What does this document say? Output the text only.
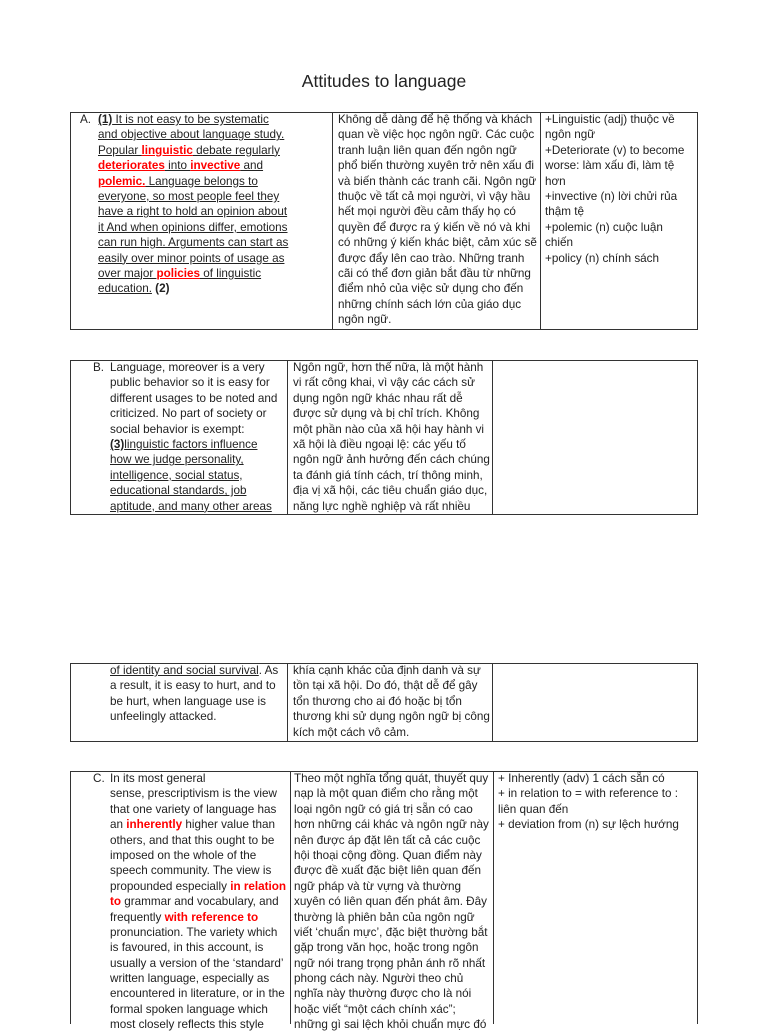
Attitudes to language
A. (1) It is not easy to be systematic
and objective about language study.
Popular linguistic debate regularly
deteriorates into invective and
polemic. Language belongs to
everyone, so most people feel they
have a right to hold an opinion about
it And when opinions differ, emotions
can run high. Arguments can start as
easily over minor points of usage as
over major policies of linguistic
education. (2)
Không dễ dàng để hệ thống và khách
quan về việc học ngôn ngữ. Các cuộc
tranh luận liên quan đến ngôn ngữ
phổ biến thường xuyên trở nên xấu đi
và biến thành các tranh cãi. Ngôn ngữ
thuộc về tất cả mọi người, vì vậy hầu
hết mọi người đều cảm thấy họ có
quyền để được ra ý kiến về nó và khi
có những ý kiến khác biệt, cảm xúc sẽ
được đẩy lên cao trào. Những tranh
cãi có thể đơn giản bắt đầu từ những
điểm nhỏ của việc sử dụng cho đến
những chính sách lớn của giáo dục
ngôn ngữ.
+Linguistic (adj) thuộc về
ngôn ngữ
+Deteriorate (v) to become
worse: làm xấu đi, làm tệ
hơn
+invective (n) lời chửi rủa
thậm tệ
+polemic (n) cuộc luận
chiến
+policy (n) chính sách
B. Language, moreover is a very
public behavior so it is easy for
different usages to be noted and
criticized. No part of society or
social behavior is exempt:
(3)linguistic factors influence
how we judge personality,
intelligence, social status,
educational standards, job
aptitude, and many other areas
Ngôn ngữ, hơn thế nữa, là một hành
vi rất công khai, vì vậy các cách sử
dụng ngôn ngữ khác nhau rất dễ
được sử dụng và bị chỉ trích. Không
một phần nào của xã hội hay hành vi
xã hội là điều ngoại lệ: các yếu tố
ngôn ngữ ảnh hưởng đến cách chúng
ta đánh giá tính cách, trí thông minh,
địa vị xã hội, các tiêu chuẩn giáo dục,
năng lực nghề nghiệp và rất nhiều
of identity and social survival. As
a result, it is easy to hurt, and to
be hurt, when language use is
unfeelingly attacked.
khía cạnh khác của định danh và sự
tồn tại xã hội. Do đó, thật dễ để gây
tổn thương cho ai đó hoặc bị tổn
thương khi sử dụng ngôn ngữ bị công
kích một cách vô cảm.
C. In its most general
sense, prescriptivism is the view
that one variety of language has
an inherently higher value than
others, and that this ought to be
imposed on the whole of the
speech community. The view is
propounded especially in relation
to grammar and vocabulary, and
frequently with reference to
pronunciation. The variety which
is favoured, in this account, is
usually a version of the ‘standard’
written language, especially as
encountered in literature, or in the
formal spoken language which
most closely reflects this style
Theo một nghĩa tổng quát, thuyết quy
nạp là một quan điểm cho rằng một
loại ngôn ngữ có giá trị sẵn có cao
hơn những cái khác và ngôn ngữ này
nên được áp đặt lên tất cả các cuộc
hội thoại cộng đồng. Quan điểm này
được đề xuất đặc biệt liên quan đến
ngữ pháp và từ vựng và thường
xuyên có liên quan đến phát âm. Đây
thường là phiên bản của ngôn ngữ
viết ‘chuẩn mực’, đặc biệt thường bắt
gặp trong văn học, hoặc trong ngôn
ngữ nói trang trọng phản ánh rõ nhất
phong cách này. Người theo chủ
nghĩa này thường được cho là nói
hoặc viết “một cách chính xác”;
những gì sai lệch khỏi chuẩn mực đó
+ Inherently (adv) 1 cách sẵn có
+ in relation to = with reference to :
liên quan đến
+ deviation from (n) sự lệch hướng
